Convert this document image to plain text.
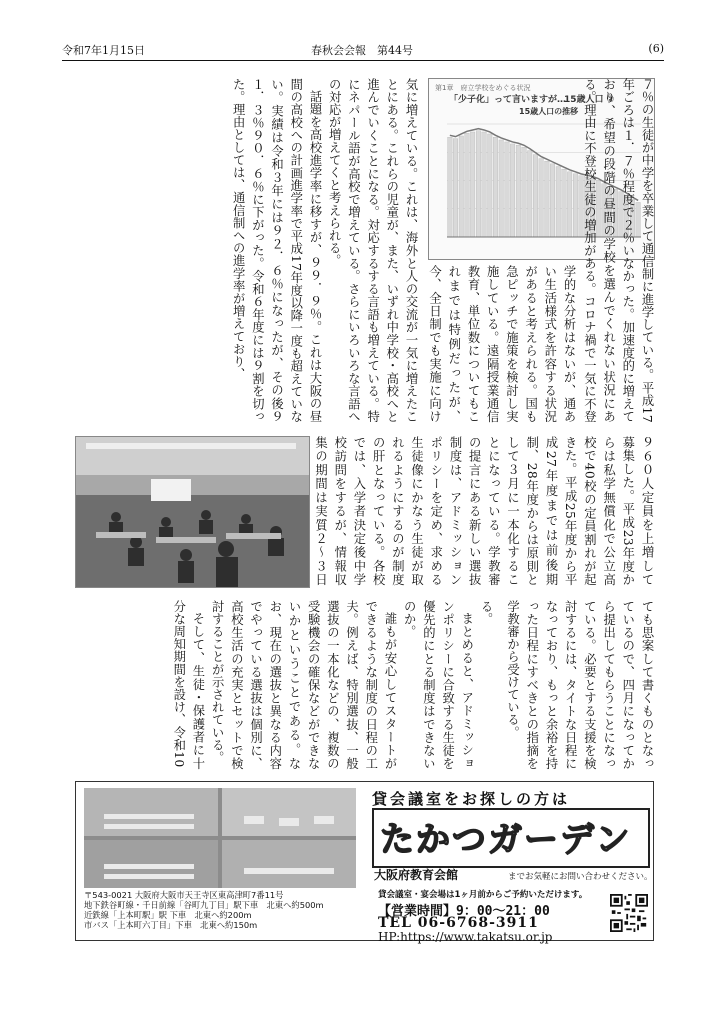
令和7年1月15日	春秋会会報　第44号	(6)
第1章　府立学校をめぐる状況
「少子化」って言いますが…
15歳人口 ②
15歳人口の推移

７％の生徒が中学を卒業して通信制に進学している。平成17年ごろは１．７％程度で２％いなかった。加速度的に増えており、希望の段階の昼間の学校を選んでくれない状況にある。理由に不登校生徒の増加がある。コロナ禍で一気に不登

９６０人定員を上増して募集した。平成23年度からは私学無償化で公立高校で40校の定員割れが起きた。平成25年度から平成27年度までは前後期制、28年度からは原則として３月に一本化することになっている。学教審の提言にある新しい選抜制度は、アドミッションポリシーを定め、求める生徒像にかなう生徒が取れるようにするのが制度の肝となっている。各校では、入学者決定後中学校訪問をするが、情報収集の期間は実質２〜３日

ても思案して書くものとなっているので、四月になってから提出してもらうことになっている。必要とする支援を検討するには、タイトな日程になっており、もっと余裕を持った日程にすべきとの指摘を学教審から受けている。

る。

まとめると、アドミッションポリシーに合致する生徒を優先的にとる制度はできないのか。

誰もが安心してスタートができるような制度の日程の工夫。例えば、特別選抜、一般選抜の一本化などの、複数の受験機会の確保などができないかということである。なお、現在の選抜と異なる内容でやっている選抜は個別に、高校生活の充実とセットで検討することが示されている。

そして、生徒・保護者に十分な周知期間を設け、令和10

気に増えている。これは、海外と人の交流が一気に増えたことにある。これらの児童が、また、いずれ中学校・高校へと進んでいくことになる。対応するする言語も増えている。特にネパール語が高校で増えている。さらにいろいろな言語への対応が増えてくと考えられる。

話題を高校進学率に移すが、９９．９％。これは大阪の昼間の高校への計画進学率で平成17年度以降一度も超えていない。実績は令和３年には９２．６％になったが、その後９１．３％９０．６％に下がった。令和６年度には９割を切った。理由としては、通信制への進学率が増えており、	学的な分析はないが、通あい生活様式を許容する状況があると考えられる。国も急ピッチで施策を検討し実施している。遠隔授業通信教育、単位数についてもこれまでは特例だったが、今、全日制でも実施に向け

〒543-0021 大阪府大阪市天王寺区東高津町7番11号
地下鉄谷町線・千日前線「谷町九丁目」駅下車　北東へ約500m
近鉄線「上本町駅」駅 下車　北東へ約200m
市バス「上本町六丁目」下車　北東へ約150m
貸会議室をお探しの方は
たかつガーデン
大阪府教育会館	までお気軽にお問い合わせください。
貸会議室・宴会場は1ヶ月前からご予約いただけます。
【営業時間】9：00～21：00
TEL 06-6768-3911
HP:https://www.takatsu.or.jp
